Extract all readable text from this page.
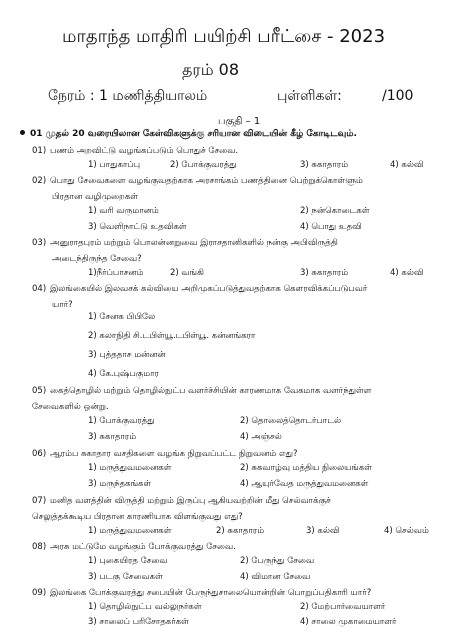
மாதாந்த மாதிரி பயிற்சி பரீட்சை - 2023
தரம் 08
நேரம் : 1 மணித்தியாலம்	புள்ளிகள்:	/100
பகுதி – 1
01 முதல் 20 வரையிலான கேள்விகளுக்கு சரியான விடையின் கீழ் கோடிடவும்.
01) பணம் அறவிட்டு வழங்கப்படும் பொதுச் சேவை.
1) பாதுகாப்பு	2) போக்குவரத்து	3) சுகாதாரம்	4) கல்வி
02) பொது சேவைகளை வழங்குவதற்காக அரசாங்கம் பணத்தினை பெற்றுக்கொள்ளும்
பிரதான வழிமுறைகள்
1) வரி வருமானம்	2) நன்கொடைகள்
3) வெளிநாட்டு உதவிகள்	4) பொது உதவி
03) அனுராதபுரம் மற்றும் பொலன்னறுவை இராசதானிகளில் நன்கு அபிவிருத்தி
அடைந்திருந்த சேவை?
1)நீர்ப்பாசனம்	2) வங்கி	3) சுகாதாரம்	4) கல்வி
04) இலங்கையில் இலவசக் கல்வியை அறிமுகப்படுத்துவதற்காக கௌரவிக்கப்படுபவர்
யார்?
1) சேனக பிபிலே
2) கலாநிதி சி.டபிள்யூ.டபிள்யூ. கன்னங்கரா
3) புத்ததாச மன்னன்
4) கே.புஷ்பகுமார
05) கைத்தொழில் மற்றும் தொழில்நுட்ப வளர்ச்சியின் காரணமாக வேகமாக வளர்ந்துள்ள
சேவைகளில் ஒன்று.
1) போக்குவரத்து	2) தொலைத்தொடர்பாடல்
3) சுகாதாரம்	4) அஞ்சல்
06) ஆரம்ப சுகாதார வசதிகளை வழங்க நிறுவப்பட்ட நிறுவனம் எது?
1) மருத்துவமனைகள்	2) சுகவாழ்வு மத்திய நிலையங்கள்
3) மருந்தகங்கள்	4) ஆயுர்வேத மருத்துவமனைகள்
07) மனித வளத்தின் விருத்தி மற்றும் இருப்பு ஆகியவற்றின் மீது செல்வாக்குச்
செலுத்தக்கூடிய பிரதான காரணியாக விளங்குவது எது?
1) மருத்துவமனைகள்	2) சுகாதாரம்	3) கல்வி	4) செல்வம்
08) அரசு மட்டுமே வழங்கும் போக்குவரத்து சேவை.
1) புகையிரத சேவை	2) பேருந்து சேவை
3) படகு சேவைகள்	4) விமான சேவை
09) இலங்கை போக்குவரத்து சபையின் பேருந்துசாலையொன்றின் பொறுப்பதிகாரி யார்?
1) தொழில்நுட்ப வல்லுநர்கள்	2) மேற்பார்வையாளர்
3) சாலைப் பரிசோதகர்கள்	4) சாலை முகாமையாளர்
